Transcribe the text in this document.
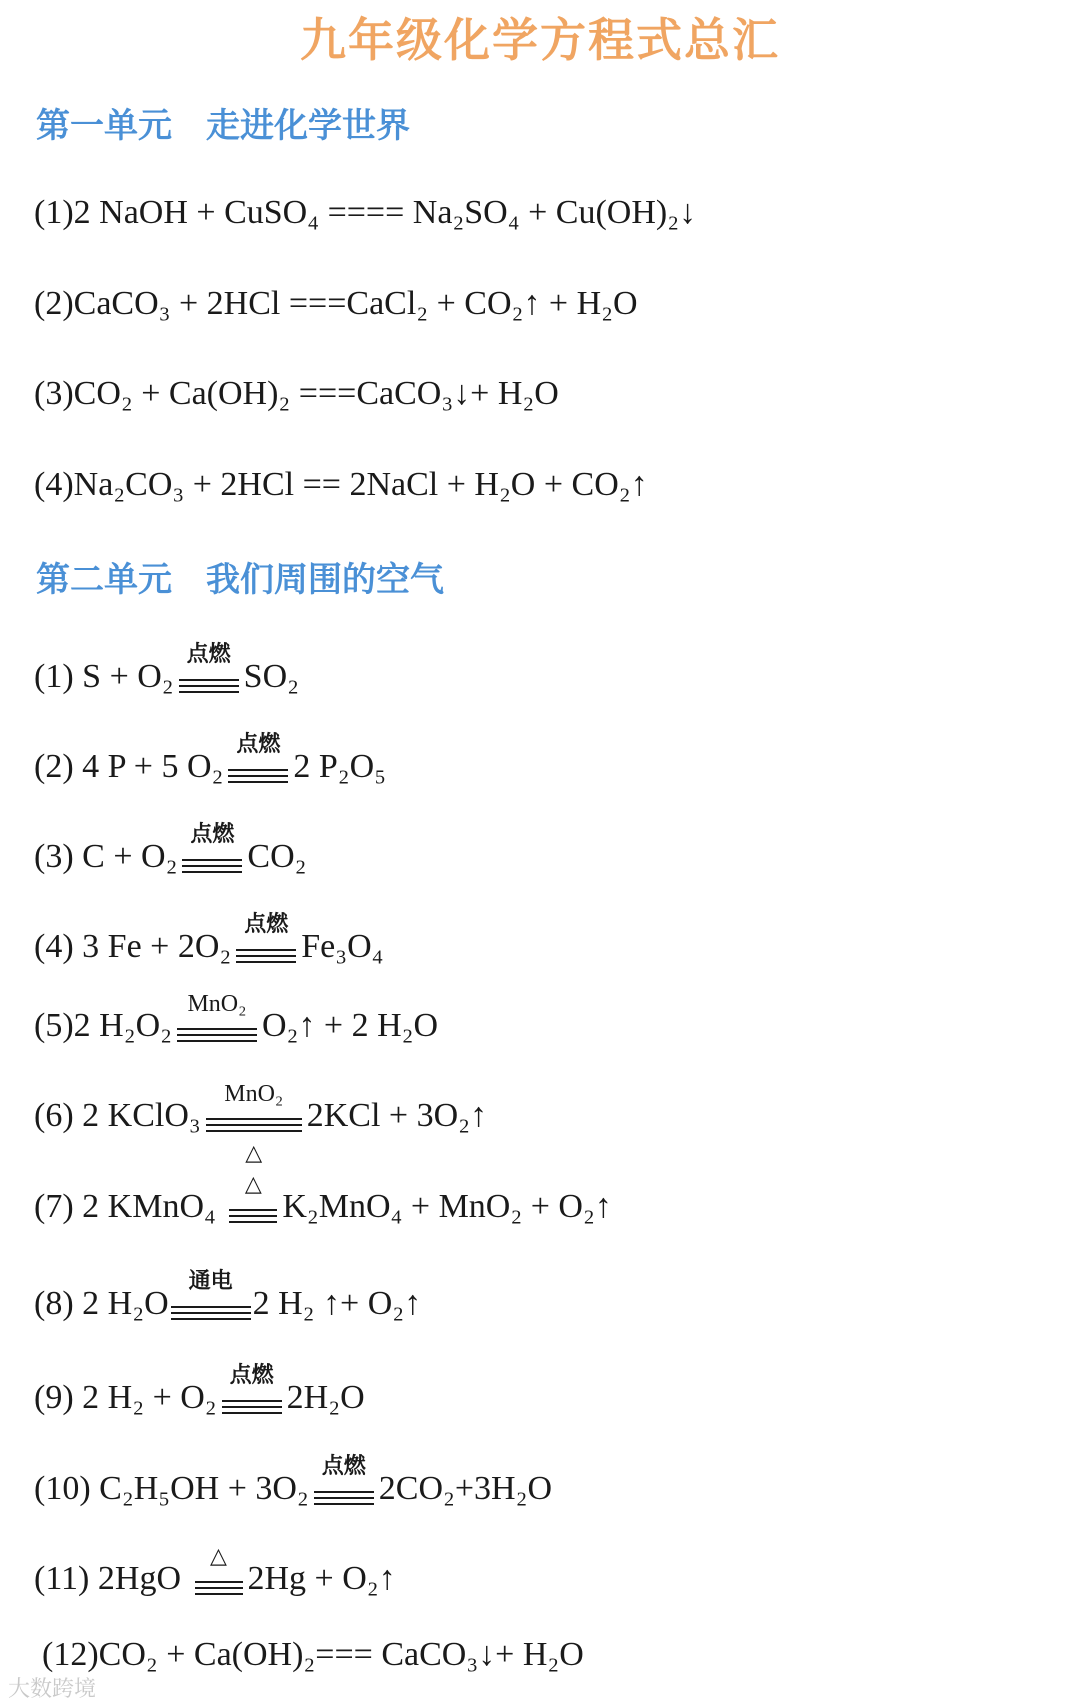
九年级化学方程式总汇
第一单元　走进化学世界
(1)2 NaOH + CuSO₄ ==== Na₂SO₄ + Cu(OH)₂↓
(2)CaCO₃ + 2HCl ===CaCl₂ + CO₂↑ + H₂O
(3)CO₂ + Ca(OH)₂ ===CaCO₃↓+ H₂O
(4)Na₂CO₃ + 2HCl == 2NaCl + H₂O + CO₂↑
第二单元　我们周围的空气
(1) S + O₂
点燃
SO₂
(2) 4 P + 5 O₂
点燃
2 P₂O₅
(3) C + O₂
点燃
CO₂
(4) 3 Fe + 2O₂
点燃
Fe₃O₄
(5)2 H₂O₂
MnO₂
O₂↑ + 2 H₂O
(6) 2 KClO₃
MnO₂
△
2KCl + 3O₂↑
(7) 2 KMnO₄
△
K₂MnO₄ + MnO₂ + O₂↑
(8) 2 H₂O
通电
2 H₂ ↑+ O₂↑
(9) 2 H₂ + O₂
点燃
2H₂O
(10) C₂H₅OH + 3O₂
点燃
2CO₂+3H₂O
(11) 2HgO
△
2Hg + O₂↑
(12)CO₂ + Ca(OH)₂=== CaCO₃↓+ H₂O
大数跨境
